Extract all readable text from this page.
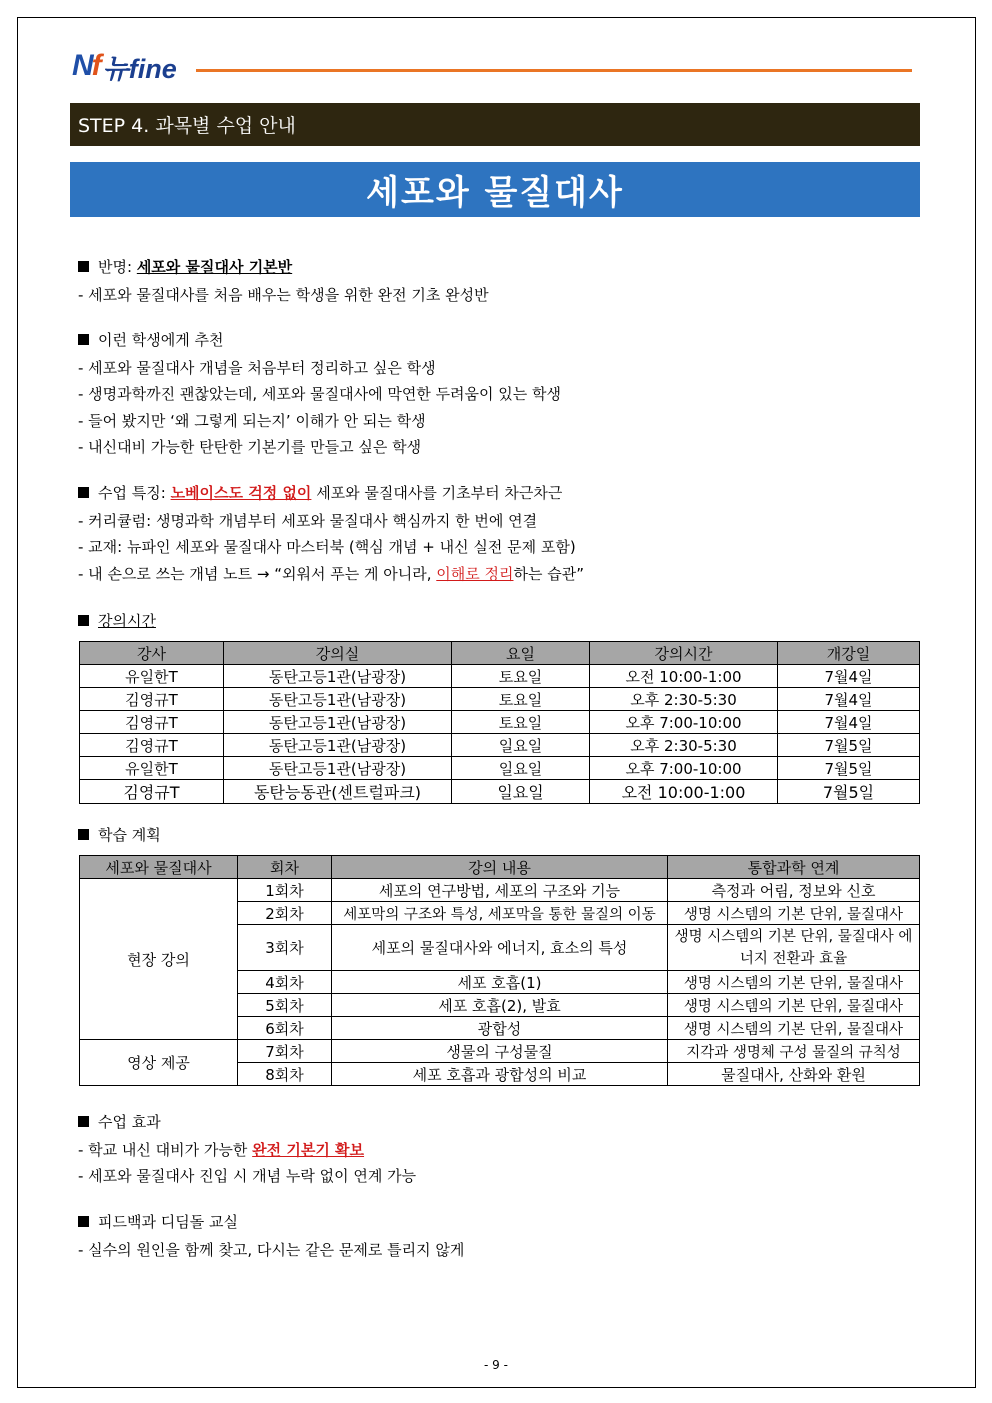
Nf 뉴fine
STEP 4. 과목별 수업 안내
세포와 물질대사
반명: 세포와 물질대사 기본반
- 세포와 물질대사를 처음 배우는 학생을 위한 완전 기초 완성반
이런 학생에게 추천
- 세포와 물질대사 개념을 처음부터 정리하고 싶은 학생
- 생명과학까진 괜찮았는데, 세포와 물질대사에 막연한 두려움이 있는 학생
- 들어 봤지만 ‘왜 그렇게 되는지’ 이해가 안 되는 학생
- 내신대비 가능한 탄탄한 기본기를 만들고 싶은 학생
수업 특징: 노베이스도 걱정 없이 세포와 물질대사를 기초부터 차근차근
- 커리큘럼: 생명과학 개념부터 세포와 물질대사 핵심까지 한 번에 연결
- 교재: 뉴파인 세포와 물질대사 마스터북 (핵심 개념 + 내신 실전 문제 포함)
- 내 손으로 쓰는 개념 노트 → “외워서 푸는 게 아니라, 이해로 정리하는 습관”
강의시간
강사	강의실	요일	강의시간	개강일
유일한T	동탄고등1관(남광장)	토요일	오전 10:00-1:00	7월4일
김영규T	동탄고등1관(남광장)	토요일	오후 2:30-5:30	7월4일
김영규T	동탄고등1관(남광장)	토요일	오후 7:00-10:00	7월4일
김영규T	동탄고등1관(남광장)	일요일	오후 2:30-5:30	7월5일
유일한T	동탄고등1관(남광장)	일요일	오후 7:00-10:00	7월5일
김영규T	동탄능동관(센트럴파크)	일요일	오전 10:00-1:00	7월5일
학습 계획
세포와 물질대사	회차	강의 내용	통합과학 연계
현장 강의	1회차	세포의 연구방법, 세포의 구조와 기능	측정과 어림, 정보와 신호
	2회차	세포막의 구조와 특성, 세포막을 통한 물질의 이동	생명 시스템의 기본 단위, 물질대사
	3회차	세포의 물질대사와 에너지, 효소의 특성	생명 시스템의 기본 단위, 물질대사 에너지 전환과 효율
	4회차	세포 호흡(1)	생명 시스템의 기본 단위, 물질대사
	5회차	세포 호흡(2), 발효	생명 시스템의 기본 단위, 물질대사
	6회차	광합성	생명 시스템의 기본 단위, 물질대사
영상 제공	7회차	생물의 구성물질	지각과 생명체 구성 물질의 규칙성
	8회차	세포 호흡과 광합성의 비교	물질대사, 산화와 환원
수업 효과
- 학교 내신 대비가 가능한 완전 기본기 확보
- 세포와 물질대사 진입 시 개념 누락 없이 연계 가능
피드백과 디딤돌 교실
- 실수의 원인을 함께 찾고, 다시는 같은 문제로 틀리지 않게
- 9 -
